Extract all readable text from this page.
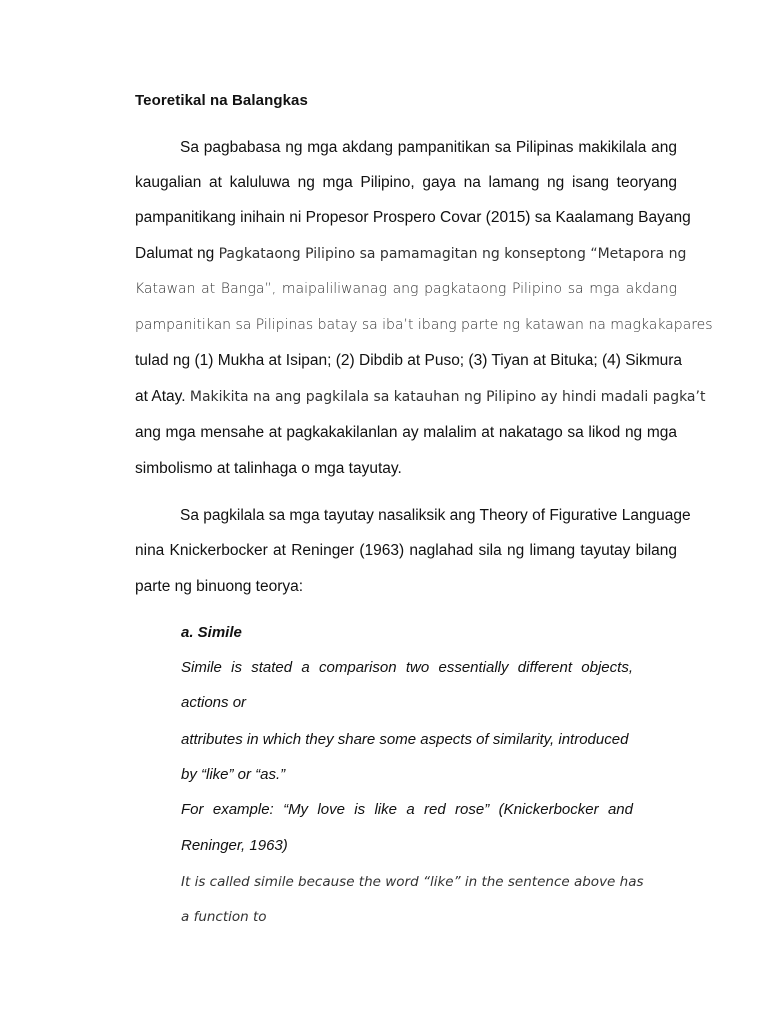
Teoretikal na Balangkas
Sa pagbabasa ng mga akdang pampanitikan sa Pilipinas makikilala ang
kaugalian at kaluluwa ng mga Pilipino, gaya na lamang ng isang teoryang
pampanitikang inihain ni Propesor Prospero Covar (2015) sa Kaalamang Bayang
Dalumat ng Pagkataong Pilipino sa pamamagitan ng konseptong “Metapora ng
Katawan at Banga”, maipaliliwanag ang pagkataong Pilipino sa mga akdang
pampanitikan sa Pilipinas batay sa iba’t ibang parte ng katawan na magkakapares
tulad ng (1) Mukha at Isipan; (2) Dibdib at Puso; (3) Tiyan at Bituka; (4) Sikmura
at Atay. Makikita na ang pagkilala sa katauhan ng Pilipino ay hindi madali pagka’t
ang mga mensahe at pagkakakilanlan ay malalim at nakatago sa likod ng mga
simbolismo at talinhaga o mga tayutay.
Sa pagkilala sa mga tayutay nasaliksik ang Theory of Figurative Language
nina Knickerbocker at Reninger (1963) naglahad sila ng limang tayutay bilang
parte ng binuong teorya:
a. Simile
Simile is stated a comparison two essentially different objects,
actions or
attributes in which they share some aspects of similarity, introduced
by “like” or “as.”
For example: “My love is like a red rose” (Knickerbocker and
Reninger, 1963)
It is called simile because the word “like” in the sentence above has
a function to
